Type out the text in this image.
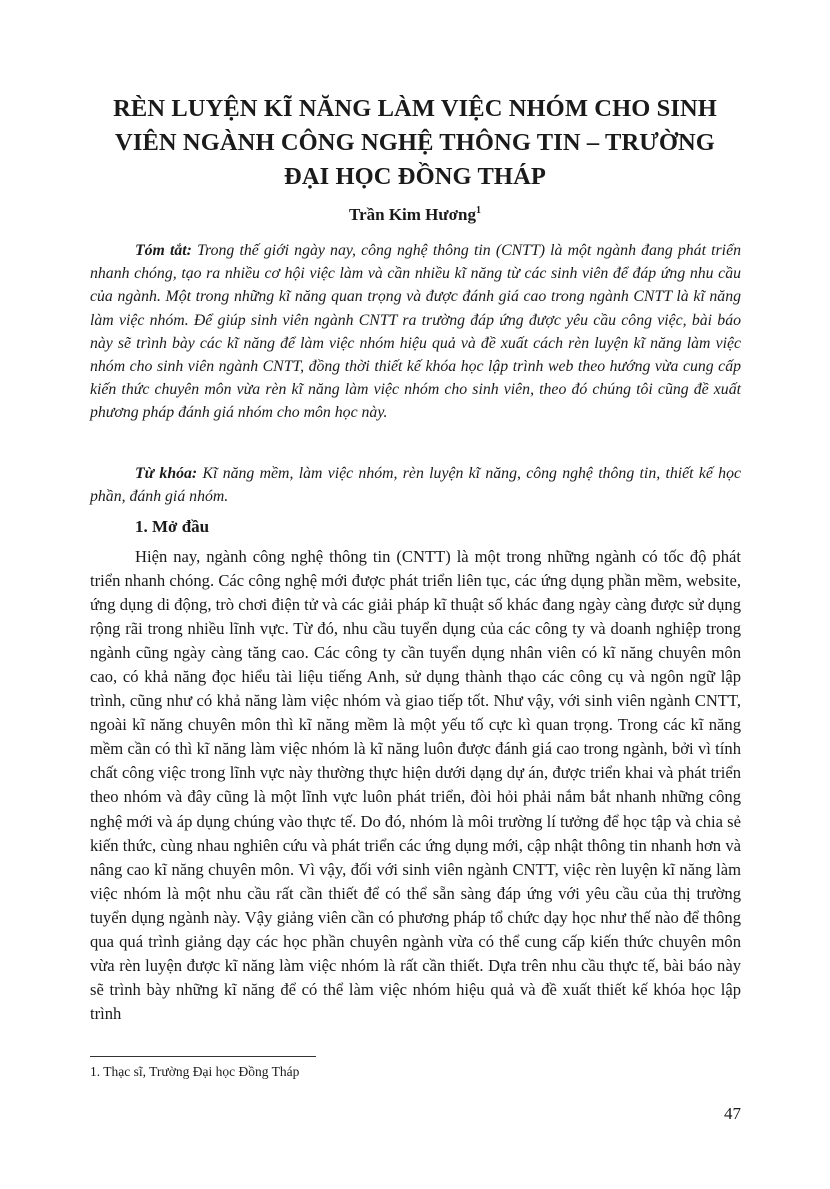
RÈN LUYỆN KĨ NĂNG LÀM VIỆC NHÓM CHO SINH VIÊN NGÀNH CÔNG NGHỆ THÔNG TIN – TRƯỜNG ĐẠI HỌC ĐỒNG THÁP
Trần Kim Hương$^1$

Tóm tắt: Trong thế giới ngày nay, công nghệ thông tin (CNTT) là một ngành đang phát triển nhanh chóng, tạo ra nhiều cơ hội việc làm và cần nhiều kĩ năng từ các sinh viên để đáp ứng nhu cầu của ngành. Một trong những kĩ năng quan trọng và được đánh giá cao trong ngành CNTT là kĩ năng làm việc nhóm. Để giúp sinh viên ngành CNTT ra trường đáp ứng được yêu cầu công việc, bài báo này sẽ trình bày các kĩ năng để làm việc nhóm hiệu quả và đề xuất cách rèn luyện kĩ năng làm việc nhóm cho sinh viên ngành CNTT, đồng thời thiết kế khóa học lập trình web theo hướng vừa cung cấp kiến thức chuyên môn vừa rèn kĩ năng làm việc nhóm cho sinh viên, theo đó chúng tôi cũng đề xuất phương pháp đánh giá nhóm cho môn học này.

Từ khóa: Kĩ năng mềm, làm việc nhóm, rèn luyện kĩ năng, công nghệ thông tin, thiết kế học phần, đánh giá nhóm.

1. Mở đầu

Hiện nay, ngành công nghệ thông tin (CNTT) là một trong những ngành có tốc độ phát triển nhanh chóng. Các công nghệ mới được phát triển liên tục, các ứng dụng phần mềm, website, ứng dụng di động, trò chơi điện tử và các giải pháp kĩ thuật số khác đang ngày càng được sử dụng rộng rãi trong nhiều lĩnh vực. Từ đó, nhu cầu tuyển dụng của các công ty và doanh nghiệp trong ngành cũng ngày càng tăng cao. Các công ty cần tuyển dụng nhân viên có kĩ năng chuyên môn cao, có khả năng đọc hiểu tài liệu tiếng Anh, sử dụng thành thạo các công cụ và ngôn ngữ lập trình, cũng như có khả năng làm việc nhóm và giao tiếp tốt. Như vậy, với sinh viên ngành CNTT, ngoài kĩ năng chuyên môn thì kĩ năng mềm là một yếu tố cực kì quan trọng. Trong các kĩ năng mềm cần có thì kĩ năng làm việc nhóm là kĩ năng luôn được đánh giá cao trong ngành, bởi vì tính chất công việc trong lĩnh vực này thường thực hiện dưới dạng dự án, được triển khai và phát triển theo nhóm và đây cũng là một lĩnh vực luôn phát triển, đòi hỏi phải nắm bắt nhanh những công nghệ mới và áp dụng chúng vào thực tế. Do đó, nhóm là môi trường lí tưởng để học tập và chia sẻ kiến thức, cùng nhau nghiên cứu và phát triển các ứng dụng mới, cập nhật thông tin nhanh hơn và nâng cao kĩ năng chuyên môn. Vì vậy, đối với sinh viên ngành CNTT, việc rèn luyện kĩ năng làm việc nhóm là một nhu cầu rất cần thiết để có thể sẵn sàng đáp ứng với yêu cầu của thị trường tuyển dụng ngành này. Vậy giảng viên cần có phương pháp tổ chức dạy học như thế nào để thông qua quá trình giảng dạy các học phần chuyên ngành vừa có thể cung cấp kiến thức chuyên môn vừa rèn luyện được kĩ năng làm việc nhóm là rất cần thiết. Dựa trên nhu cầu thực tế, bài báo này sẽ trình bày những kĩ năng để có thể làm việc nhóm hiệu quả và đề xuất thiết kế khóa học lập trình

1. Thạc sĩ, Trường Đại học Đồng Tháp
47
